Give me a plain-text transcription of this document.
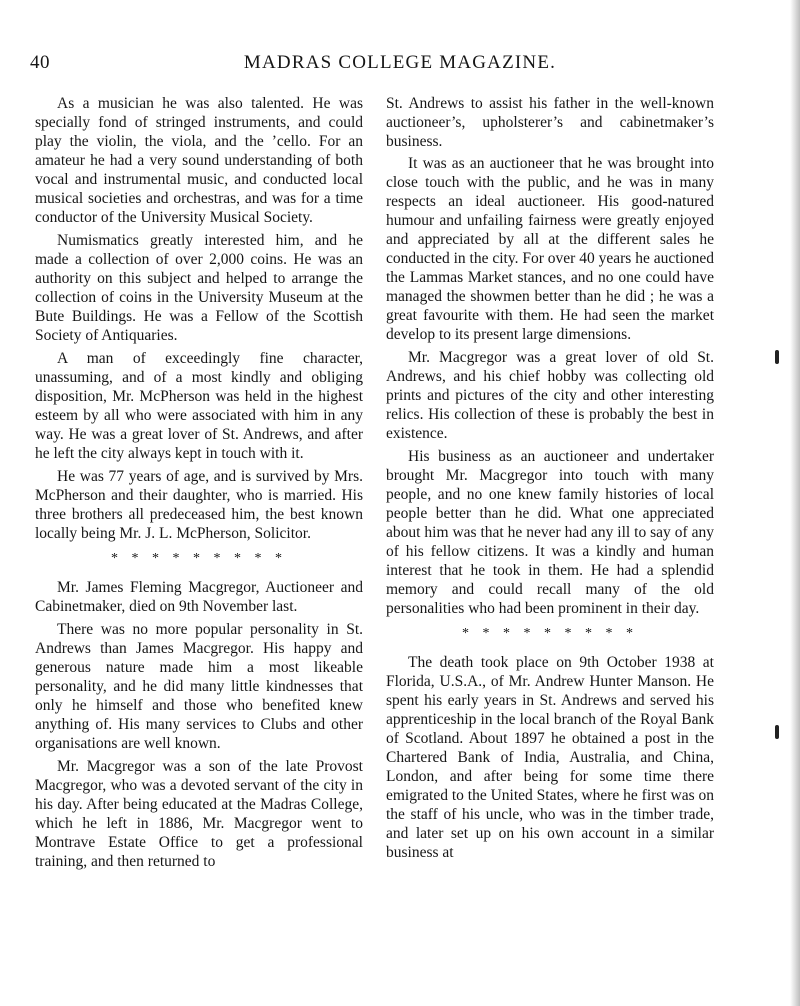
40	MADRAS COLLEGE MAGAZINE.

As a musician he was also talented. He was specially fond of stringed instruments, and could play the violin, the viola, and the ’cello. For an amateur he had a very sound understanding of both vocal and instrumental music, and conducted local musical societies and orchestras, and was for a time conductor of the University Musical Society.

Numismatics greatly interested him, and he made a collection of over 2,000 coins. He was an authority on this subject and helped to arrange the collection of coins in the University Museum at the Bute Buildings. He was a Fellow of the Scottish Society of Antiquaries.

A man of exceedingly fine character, unassuming, and of a most kindly and obliging disposition, Mr. McPherson was held in the highest esteem by all who were associated with him in any way. He was a great lover of St. Andrews, and after he left the city always kept in touch with it.

He was 77 years of age, and is survived by Mrs. McPherson and their daughter, who is married. His three brothers all predeceased him, the best known locally being Mr. J. L. McPherson, Solicitor.

* * * * * * * * *

Mr. James Fleming Macgregor, Auctioneer and Cabinetmaker, died on 9th November last.

There was no more popular personality in St. Andrews than James Macgregor. His happy and generous nature made him a most likeable personality, and he did many little kindnesses that only he himself and those who benefited knew anything of. His many services to Clubs and other organisations are well known.

Mr. Macgregor was a son of the late Provost Macgregor, who was a devoted servant of the city in his day. After being educated at the Madras College, which he left in 1886, Mr. Macgregor went to Montrave Estate Office to get a professional training, and then returned to

St. Andrews to assist his father in the well-known auctioneer’s, upholsterer’s and cabinetmaker’s business.

It was as an auctioneer that he was brought into close touch with the public, and he was in many respects an ideal auctioneer. His good-natured humour and unfailing fairness were greatly enjoyed and appreciated by all at the different sales he conducted in the city. For over 40 years he auctioned the Lammas Market stances, and no one could have managed the showmen better than he did ; he was a great favourite with them. He had seen the market develop to its present large dimensions.

Mr. Macgregor was a great lover of old St. Andrews, and his chief hobby was collecting old prints and pictures of the city and other interesting relics. His collection of these is probably the best in existence.

His business as an auctioneer and undertaker brought Mr. Macgregor into touch with many people, and no one knew family histories of local people better than he did. What one appreciated about him was that he never had any ill to say of any of his fellow citizens. It was a kindly and human interest that he took in them. He had a splendid memory and could recall many of the old personalities who had been prominent in their day.

* * * * * * * * *

The death took place on 9th October 1938 at Florida, U.S.A., of Mr. Andrew Hunter Manson. He spent his early years in St. Andrews and served his apprenticeship in the local branch of the Royal Bank of Scotland. About 1897 he obtained a post in the Chartered Bank of India, Australia, and China, London, and after being for some time there emigrated to the United States, where he first was on the staff of his uncle, who was in the timber trade, and later set up on his own account in a similar business at
